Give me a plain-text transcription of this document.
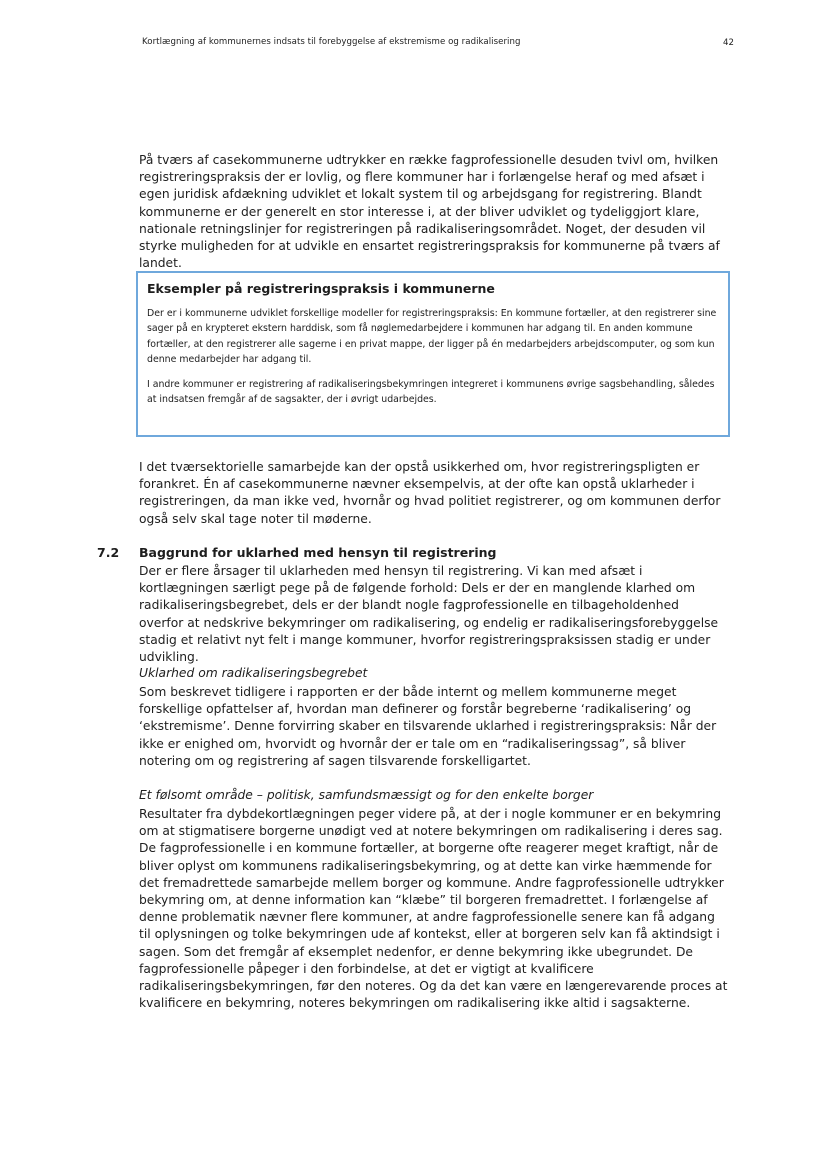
Kortlægning af kommunernes indsats til forebyggelse af ekstremisme og radikalisering	42

På tværs af casekommunerne udtrykker en række fagprofessionelle desuden tvivl om, hvilken registreringspraksis der er lovlig, og flere kommuner har i forlængelse heraf og med afsæt i egen juridisk afdækning udviklet et lokalt system til og arbejdsgang for registrering. Blandt kommunerne er der generelt en stor interesse i, at der bliver udviklet og tydeliggjort klare, nationale retningslinjer for registreringen på radikaliseringsområdet. Noget, der desuden vil styrke muligheden for at udvikle en ensartet registreringspraksis for kommunerne på tværs af landet.

Eksempler på registreringspraksis i kommunerne

Der er i kommunerne udviklet forskellige modeller for registreringspraksis: En kommune fortæller, at den registrerer sine sager på en krypteret ekstern harddisk, som få nøglemedarbejdere i kommunen har adgang til. En anden kommune fortæller, at den registrerer alle sagerne i en privat mappe, der ligger på én medarbejders arbejdscomputer, og som kun denne medarbejder har adgang til.

I andre kommuner er registrering af radikaliseringsbekymringen integreret i kommunens øvrige sagsbehandling, således at indsatsen fremgår af de sagsakter, der i øvrigt udarbejdes.

I det tværsektorielle samarbejde kan der opstå usikkerhed om, hvor registreringspligten er forankret. Én af casekommunerne nævner eksempelvis, at der ofte kan opstå uklarheder i registreringen, da man ikke ved, hvornår og hvad politiet registrerer, og om kommunen derfor også selv skal tage noter til møderne.

7.2 Baggrund for uklarhed med hensyn til registrering

Der er flere årsager til uklarheden med hensyn til registrering. Vi kan med afsæt i kortlægningen særligt pege på de følgende forhold: Dels er der en manglende klarhed om radikaliseringsbegrebet, dels er der blandt nogle fagprofessionelle en tilbageholdenhed overfor at nedskrive bekymringer om radikalisering, og endelig er radikaliseringsforebyggelse stadig et relativt nyt felt i mange kommuner, hvorfor registreringspraksissen stadig er under udvikling.

Uklarhed om radikaliseringsbegrebet

Som beskrevet tidligere i rapporten er der både internt og mellem kommunerne meget forskellige opfattelser af, hvordan man definerer og forstår begreberne ‘radikalisering’ og ‘ekstremisme’. Denne forvirring skaber en tilsvarende uklarhed i registreringspraksis: Når der ikke er enighed om, hvorvidt og hvornår der er tale om en “radikaliseringssag”, så bliver notering om og registrering af sagen tilsvarende forskelligartet.

Et følsomt område – politisk, samfundsmæssigt og for den enkelte borger

Resultater fra dybdekortlægningen peger videre på, at der i nogle kommuner er en bekymring om at stigmatisere borgerne unødigt ved at notere bekymringen om radikalisering i deres sag. De fagprofessionelle i en kommune fortæller, at borgerne ofte reagerer meget kraftigt, når de bliver oplyst om kommunens radikaliseringsbekymring, og at dette kan virke hæmmende for det fremadrettede samarbejde mellem borger og kommune. Andre fagprofessionelle udtrykker bekymring om, at denne information kan “klæbe” til borgeren fremadrettet. I forlængelse af denne problematik nævner flere kommuner, at andre fagprofessionelle senere kan få adgang til oplysningen og tolke bekymringen ude af kontekst, eller at borgeren selv kan få aktindsigt i sagen. Som det fremgår af eksemplet nedenfor, er denne bekymring ikke ubegrundet. De fagprofessionelle påpeger i den forbindelse, at det er vigtigt at kvalificere radikaliseringsbekymringen, før den noteres. Og da det kan være en længerevarende proces at kvalificere en bekymring, noteres bekymringen om radikalisering ikke altid i sagsakterne.
